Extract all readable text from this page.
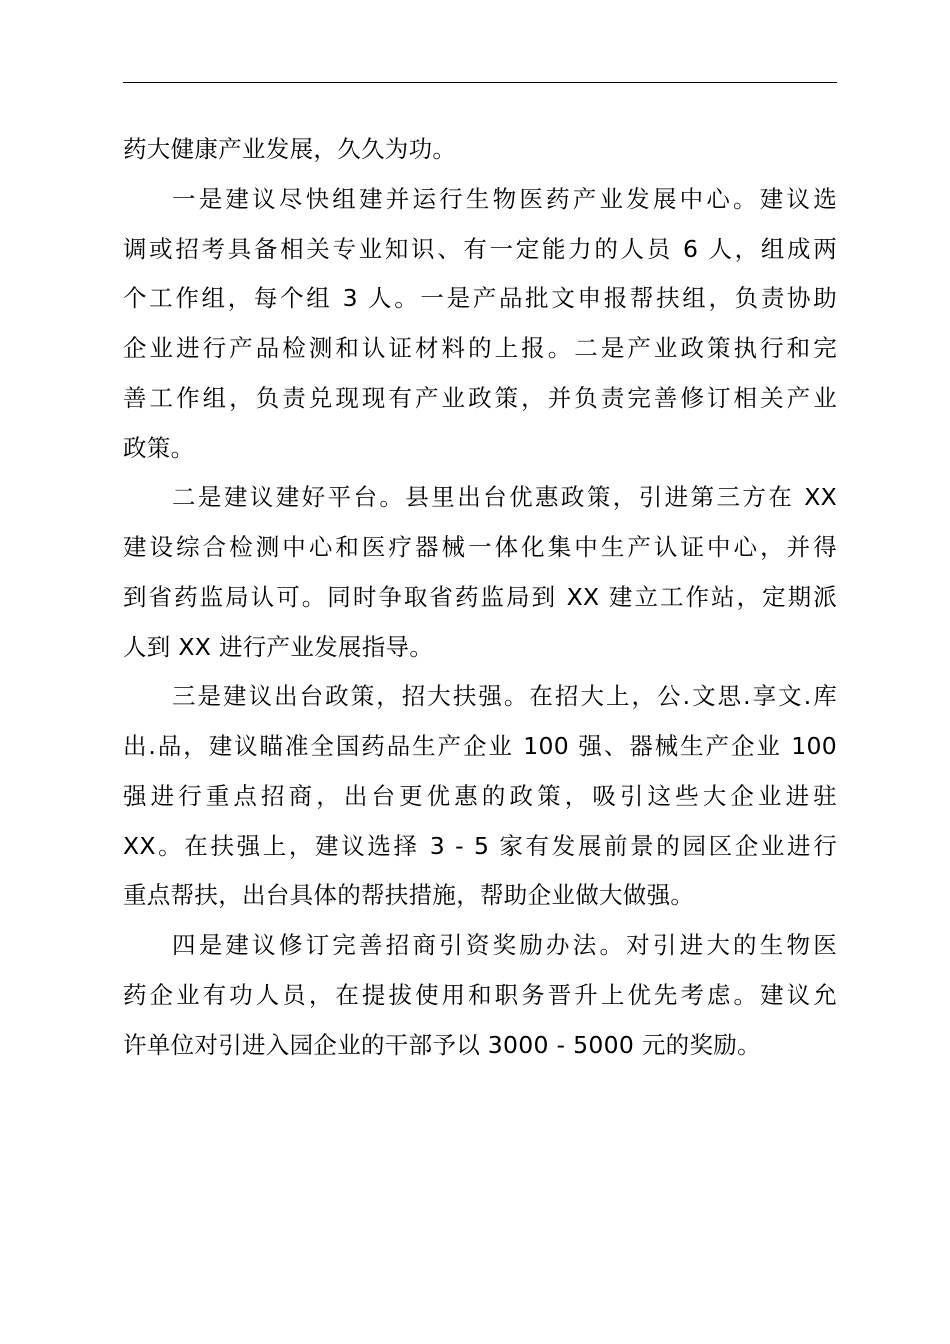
药大健康产业发展，久久为功。
一是建议尽快组建并运行生物医药产业发展中心。建议选
调或招考具备相关专业知识、有一定能力的人员 6 人，组成两
个工作组，每个组 3 人。一是产品批文申报帮扶组，负责协助
企业进行产品检测和认证材料的上报。二是产业政策执行和完
善工作组，负责兑现现有产业政策，并负责完善修订相关产业
政策。
二是建议建好平台。县里出台优惠政策，引进第三方在 XX
建设综合检测中心和医疗器械一体化集中生产认证中心，并得
到省药监局认可。同时争取省药监局到 XX 建立工作站，定期派
人到 XX 进行产业发展指导。
三是建议出台政策，招大扶强。在招大上，公.文思.享文.库
出.品，建议瞄准全国药品生产企业 100 强、器械生产企业 100
强进行重点招商，出台更优惠的政策，吸引这些大企业进驻
XX。在扶强上，建议选择 3 - 5 家有发展前景的园区企业进行
重点帮扶，出台具体的帮扶措施，帮助企业做大做强。
四是建议修订完善招商引资奖励办法。对引进大的生物医
药企业有功人员，在提拔使用和职务晋升上优先考虑。建议允
许单位对引进入园企业的干部予以 3000 - 5000 元的奖励。
